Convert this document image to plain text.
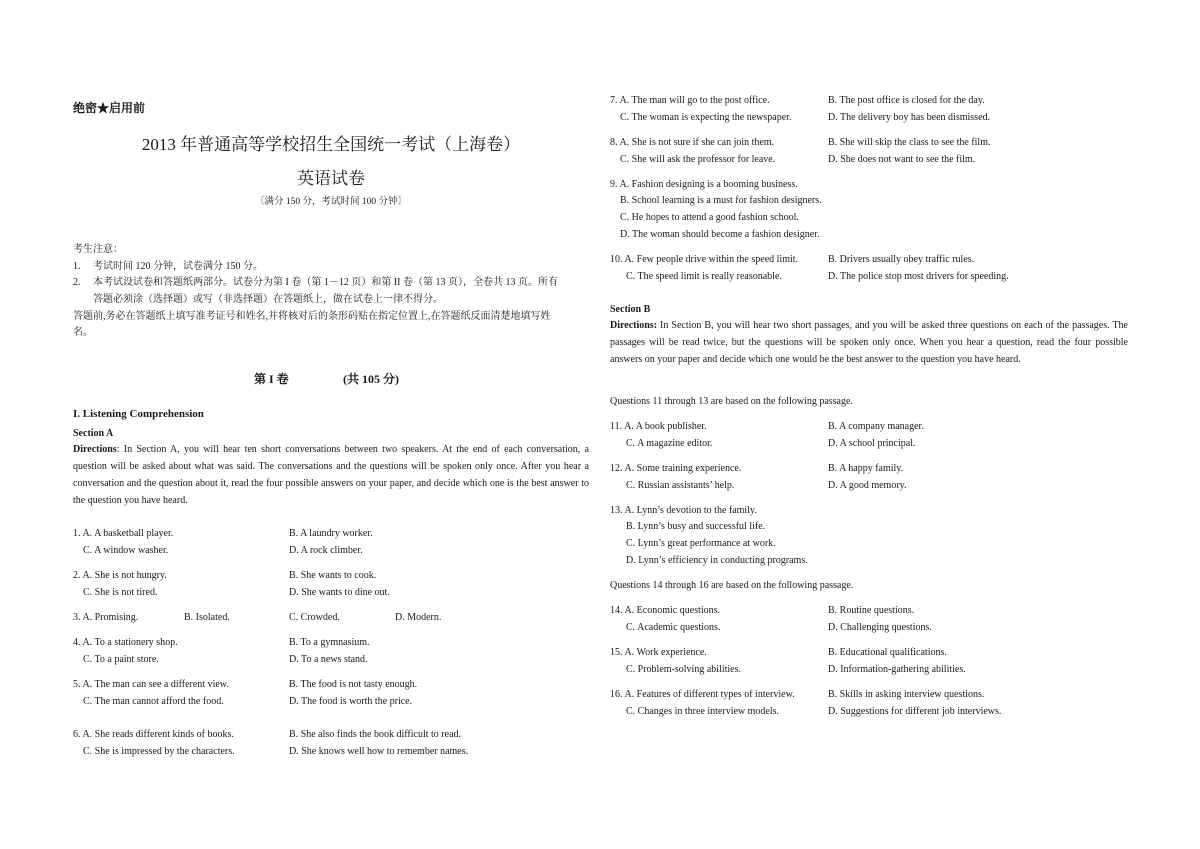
绝密★启用前
2013 年普通高等学校招生全国统一考试（上海卷）
英语试卷
〔满分 150 分，考试时间 100 分钟〕
考生注意：
1.　 考试时间 120 分钟，试卷满分 150 分。
2.　 本考试设试卷和答题纸两部分。试卷分为第 I 卷（第 1－12 页）和第 II 卷（第 13 页），全卷共 13 页。所有
答题必须涂（选择题）或写（非选择题）在答题纸上，做在试卷上一律不得分。
答题前,务必在答题纸上填写准考证号和姓名,并将核对后的条形码贴在指定位置上,在答题纸反面清楚地填写姓
名。
第 I 卷	(共 105 分)
I. Listening Comprehension
Section A
Directions: In Section A, you will hear ten short conversations between two speakers. At the end of each conversation, a question will be asked about what was said. The conversations and the questions will be spoken only once. After you hear a conversation and the question about it, read the four possible answers on your paper, and decide which one is the best answer to the question you have heard.
1. A. A basketball player.	B. A laundry worker.
C. A window washer.	D. A rock climber.
2. A. She is not hungry.	B. She wants to cook.
C. She is not tired.	D. She wants to dine out.
3. A. Promising.	B. Isolated.	C. Crowded.	D. Modern.
4. A. To a stationery shop.	B. To a gymnasium.
C. To a paint store.	D. To a news stand.
5. A. The man can see a different view.	B. The food is not tasty enough.
C. The man cannot afford the food.	D. The food is worth the price.
6. A. She reads different kinds of books.	B. She also finds the book difficult to read.
C. She is impressed by the characters.	D. She knows well how to remember names.
7. A. The man will go to the post office.	B. The post office is closed for the day.
C. The woman is expecting the newspaper.	D. The delivery boy has been dismissed.
8. A. She is not sure if she can join them.	B. She will skip the class to see the film.
C. She will ask the professor for leave.	D. She does not want to see the film.
9. A. Fashion designing is a booming business.
B. School learning is a must for fashion designers.
C. He hopes to attend a good fashion school.
D. The woman should become a fashion designer.
10. A. Few people drive within the speed limit.	B. Drivers usually obey traffic rules.
C. The speed limit is really reasonable.	D. The police stop most drivers for speeding.
Section B
Directions: In Section B, you will hear two short passages, and you will be asked three questions on each of the passages. The passages will be read twice, but the questions will be spoken only once. When you hear a question, read the four possible answers on your paper and decide which one would be the best answer to the question you have heard.
Questions 11 through 13 are based on the following passage.
11. A. A book publisher.	B. A company manager.
C. A magazine editor.	D. A school principal.
12. A. Some training experience.	B. A happy family.
C. Russian assistants’ help.	D. A good memory.
13. A. Lynn’s devotion to the family.
B. Lynn’s busy and successful life.
C. Lynn’s great performance at work.
D. Lynn’s efficiency in conducting programs.
Questions 14 through 16 are based on the following passage.
14. A. Economic questions.	B. Routine questions.
C. Academic questions.	D. Challenging questions.
15. A. Work experience.	B. Educational qualifications.
C. Problem-solving abilities.	D. Information-gathering abilities.
16. A. Features of different types of interview.	B. Skills in asking interview questions.
C. Changes in three interview models.	D. Suggestions for different job interviews.
